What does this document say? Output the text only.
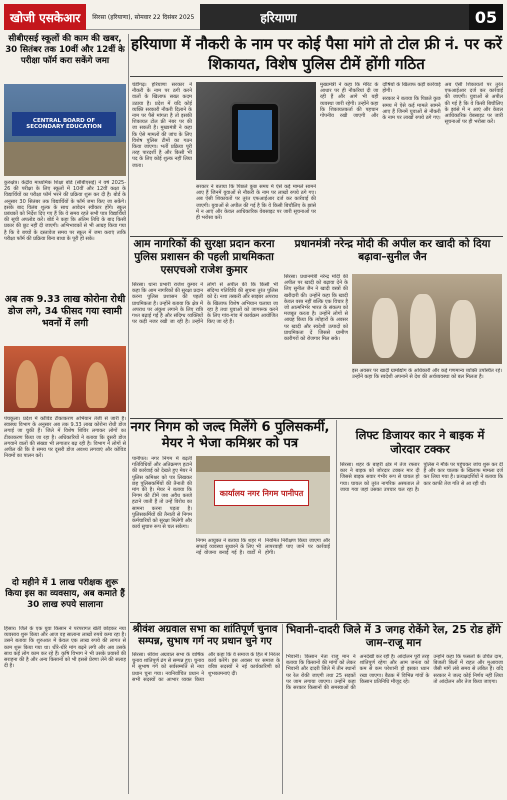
खोजी एसकेआर	सिरसा (हरियाणा), सोमवार 22 दिसंबर 2025	हरियाणा	05
सीबीएसई स्कूलों की काम की खबर, 30 सितंबर तक 10वीं और 12वीं के परीक्षा फॉर्म करा सकेंगे जमा
CENTRAL BOARD OF SECONDARY EDUCATION

कुरुक्षेत्र। केंद्रीय माध्यमिक शिक्षा बोर्ड (सीबीएसई) ने वर्ष 2025-26 की परीक्षा के लिए स्कूलों में 10वीं और 12वीं कक्षा के विद्यार्थियों का परीक्षा फॉर्म भरने की प्रक्रिया शुरू कर दी है। बोर्ड के अनुसार 30 सितंबर तक विद्यार्थियों के फॉर्म जमा किए जा सकेंगे। इसके बाद विलंब शुल्क के साथ आवेदन स्वीकार होंगे। स्कूल प्रबंधकों को निर्देश दिए गए हैं कि वे समय रहते सभी पात्र विद्यार्थियों की सूची अपलोड करें। बोर्ड ने कहा कि अंतिम तिथि के बाद किसी प्रकार की छूट नहीं दी जाएगी। अभिभावकों से भी आग्रह किया गया है कि वे बच्चों के दस्तावेज समय पर स्कूल में जमा कराएं ताकि परीक्षा फॉर्म की प्रक्रिया बिना बाधा के पूरी हो सके।

हरियाणा में नौकरी के नाम पर कोई पैसा मांगे तो टोल फ्री नं. पर करें शिकायत, विशेष पुलिस टीमें होंगी गठित

चंडीगढ़। हरियाणा सरकार ने नौकरी के नाम पर ठगी करने वालों के खिलाफ सख्त कदम उठाया है। प्रदेश में यदि कोई व्यक्ति सरकारी नौकरी दिलाने के नाम पर पैसे मांगता है तो इसकी शिकायत टोल फ्री नंबर पर की जा सकती है। मुख्यमंत्री ने कहा कि ऐसे मामलों की जांच के लिए विशेष पुलिस टीमों का गठन किया जाएगा। भर्ती प्रक्रिया पूरी तरह पारदर्शी है और किसी भी पद के लिए कोई शुल्क नहीं लिया जाता।

सरकार ने बताया कि पिछले कुछ समय में ऐसे कई मामले सामने आए हैं जिनमें युवाओं से नौकरी के नाम पर लाखों रुपये ठगे गए। अब ऐसी शिकायतों पर तुरंत एफआईआर दर्ज कर कार्रवाई की जाएगी। युवाओं से अपील की गई है कि वे किसी बिचौलिए के झांसे में न आएं और केवल आधिकारिक वेबसाइट पर जारी सूचनाओं पर ही भरोसा करें।

मुख्यमंत्री ने कहा कि मेरिट के आधार पर ही नौकरियां दी जा रही हैं और आगे भी यही व्यवस्था जारी रहेगी। उन्होंने कहा कि शिकायतकर्ता की पहचान गोपनीय रखी जाएगी और दोषियों के खिलाफ कड़ी कार्रवाई होगी।

सरकार ने बताया कि पिछले कुछ समय में ऐसे कई मामले सामने आए हैं जिनमें युवाओं से नौकरी के नाम पर लाखों रुपये ठगे गए। अब ऐसी शिकायतों पर तुरंत एफआईआर दर्ज कर कार्रवाई की जाएगी। युवाओं से अपील की गई है कि वे किसी बिचौलिए के झांसे में न आएं और केवल आधिकारिक वेबसाइट पर जारी सूचनाओं पर ही भरोसा करें।

आम नागरिकों की सुरक्षा प्रदान करना पुलिस प्रशासन की पहली प्राथमिकता एसएचओ राजेश कुमार

सिरसा। थाना प्रभारी राजेश कुमार ने कहा कि आम नागरिकों की सुरक्षा प्रदान करना पुलिस प्रशासन की पहली प्राथमिकता है। उन्होंने बताया कि क्षेत्र में अपराध पर अंकुश लगाने के लिए रात्रि गश्त बढ़ाई गई है और संदिग्ध व्यक्तियों पर कड़ी नजर रखी जा रही है। उन्होंने लोगों से अपील की कि किसी भी संदिग्ध गतिविधि की सूचना तुरंत पुलिस को दें। नशा तस्करी और साइबर अपराध के खिलाफ विशेष अभियान चलाया जा रहा है तथा युवाओं को जागरूक करने के लिए गांव-गांव में कार्यक्रम आयोजित किए जा रहे हैं।

प्रधानमंत्री नरेन्द्र मोदी की अपील कर खादी को दिया बढ़ावा–सुनील जैन

सिरसा। प्रधानमंत्री नरेन्द्र मोदी की अपील पर खादी को बढ़ावा देने के लिए सुनील जैन ने खादी वस्त्रों की खरीदारी की। उन्होंने कहा कि खादी केवल वस्त्र नहीं बल्कि एक विचार है जो आत्मनिर्भर भारत के संकल्प को मजबूत करता है। उन्होंने लोगों से आग्रह किया कि त्योहारों के अवसर पर खादी और स्वदेशी उत्पादों को प्राथमिकता दें जिससे ग्रामीण कारीगरों को रोजगार मिल सके।

इस अवसर पर खादी ग्रामोद्योग के अधिकारी और कई गणमान्य व्यक्ति उपस्थित रहे। उन्होंने कहा कि स्वदेशी अपनाने से देश की अर्थव्यवस्था को बल मिलता है।

अब तक 9.33 लाख कोरोना रोधी डोज लगे, 34 फीसद गया स्वामी भवनों में लगी

पंचकूला। प्रदेश में कोविड टीकाकरण अभियान तेजी से जारी है। स्वास्थ्य विभाग के अनुसार अब तक 9.33 लाख कोरोना रोधी डोज लगाई जा चुकी हैं। जिले में विशेष शिविर लगाकर लोगों का टीकाकरण किया जा रहा है। अधिकारियों ने बताया कि दूसरी डोज लगवाने वालों की संख्या भी लगातार बढ़ रही है। विभाग ने लोगों से अपील की कि वे समय पर दूसरी डोज अवश्य लगवाएं और कोविड नियमों का पालन करें।

नगर निगम को जल्द मिलेंगे 6 पुलिसकर्मी, मेयर ने भेजा कमिश्नर को पत्र

पानीपत। नगर निगम में बढ़ती गतिविधियों और अतिक्रमण हटाने की कार्रवाई को देखते हुए मेयर ने पुलिस कमिश्नर को पत्र लिखकर छह पुलिसकर्मियों की तैनाती की मांग की है। मेयर ने बताया कि निगम की टीमें जब अवैध कब्जे हटाने जाती हैं तो उन्हें विरोध का सामना करना पड़ता है। पुलिसकर्मियों की तैनाती से निगम कर्मचारियों को सुरक्षा मिलेगी और कार्य सुचारु रूप से चल सकेगा।

कार्यालय नगर निगम पानीपत

निगम आयुक्त ने बताया कि शहर में सफाई व्यवस्था सुधारने के लिए भी नई योजना बनाई गई है। वार्डों में नियमित निरीक्षण किया जाएगा और लापरवाही पाए जाने पर कार्रवाई होगी।

लिफ्ट डिजायर कार ने बाइक में जोरदार टक्कर

सिरसा। शहर के बाहरी क्षेत्र में तेज रफ्तार कार ने बाइक को जोरदार टक्कर मार दी जिससे बाइक सवार गंभीर रूप से घायल हो गया। घायल को तुरंत नागरिक अस्पताल ले जाया गया जहां उसका उपचार चल रहा है। पुलिस ने मौके पर पहुंचकर जांच शुरू कर दी है और कार चालक के खिलाफ मामला दर्ज कर लिया गया है। प्रत्यक्षदर्शियों ने बताया कि कार काफी तेज गति से आ रही थी।

दो महीने में 1 लाख परीक्षक शुरू किया इस का व्यवसाय, अब कमाते हैं 30 लाख रुपये सालाना

हिसार। जिले के एक युवा किसान ने परंपरागत खेती छोड़कर नया व्यवसाय शुरू किया और आज वह सालाना लाखों रुपये कमा रहा है। उसने बताया कि शुरुआत में केवल एक लाख रुपये की लागत से काम शुरू किया गया था। धीरे-धीरे मांग बढ़ने लगी और अब उसके साथ कई लोग काम कर रहे हैं। कृषि विभाग ने भी उसके प्रयासों की सराहना की है और अन्य किसानों को भी इससे प्रेरणा लेने की सलाह दी है।

श्रीवंश अग्रवाल सभा का शांतिपूर्ण चुनाव सम्पन्न, सुभाष गर्ग नए प्रधान चुने गए

सिरसा। श्रीवंश अग्रवाल सभा के वार्षिक चुनाव शांतिपूर्ण ढंग से सम्पन्न हुए। चुनाव में सुभाष गर्ग को सर्वसम्मति से नया प्रधान चुना गया। नवनिर्वाचित प्रधान ने सभी सदस्यों का आभार व्यक्त किया और कहा कि वे समाज के हित में निरंतर कार्य करेंगे। इस अवसर पर समाज के वरिष्ठ सदस्यों ने नई कार्यकारिणी को शुभकामनाएं दीं।

भिवानी–दादरी जिले में 3 जगह रोकेंगे रेल, 25 रोड होंगे जाम–राजू मान

भिवानी। किसान नेता राजू मान ने बताया कि किसानों की मांगों को लेकर भिवानी और दादरी जिले में तीन स्थानों पर रेल रोकी जाएगी तथा 25 सड़कों पर जाम लगाया जाएगा। उन्होंने कहा कि सरकार किसानों की समस्याओं की अनदेखी कर रही है। आंदोलन पूरी तरह शांतिपूर्ण रहेगा और आम जनता को कम से कम परेशानी हो इसका ध्यान रखा जाएगा। बैठक में विभिन्न गांवों के किसान प्रतिनिधि मौजूद रहे।

उन्होंने कहा कि फसलों के उचित दाम, बिजली बिलों में राहत और मुआवजा जैसी मांगें लंबे समय से लंबित हैं। यदि सरकार ने जल्द कोई निर्णय नहीं लिया तो आंदोलन और तेज किया जाएगा।
